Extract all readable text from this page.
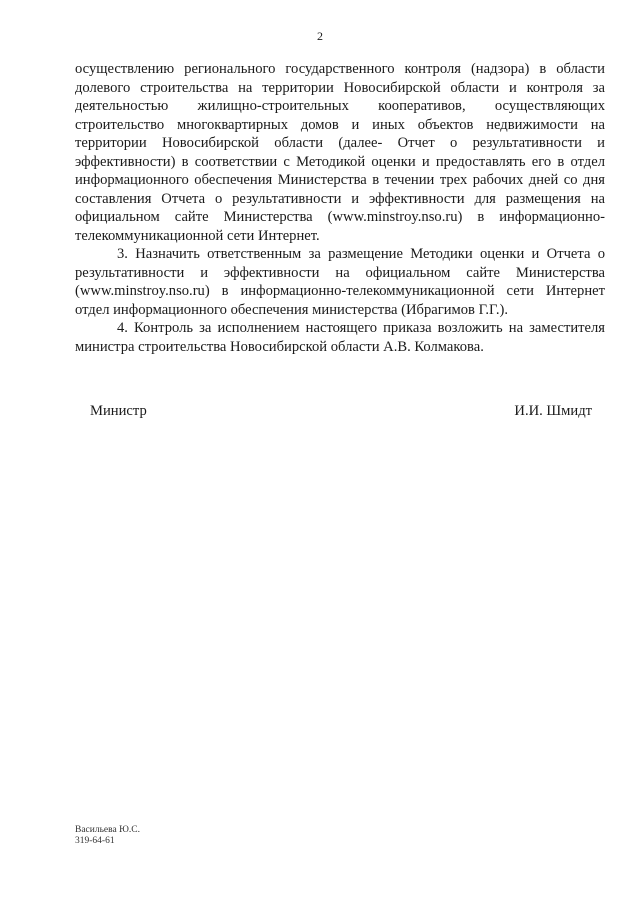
2

осуществлению регионального государственного контроля (надзора) в области долевого строительства на территории Новосибирской области и контроля за деятельностью жилищно-строительных кооперативов, осуществляющих строительство многоквартирных домов и иных объектов недвижимости на территории Новосибирской области (далее- Отчет о результативности и эффективности) в соответствии с Методикой оценки и предоставлять его в отдел информационного обеспечения Министерства в течении трех рабочих дней со дня составления Отчета о результативности и эффективности для размещения на официальном сайте Министерства (www.minstroy.nso.ru) в информационно-телекоммуникационной сети Интернет.

3. Назначить ответственным за размещение Методики оценки и Отчета о результативности и эффективности на официальном сайте Министерства (www.minstroy.nso.ru) в информационно-телекоммуникационной сети Интернет отдел информационного обеспечения министерства (Ибрагимов Г.Г.).

4. Контроль за исполнением настоящего приказа возложить на заместителя министра строительства Новосибирской области А.В. Колмакова.

Министр	И.И. Шмидт
Васильева Ю.С.
319-64-61
